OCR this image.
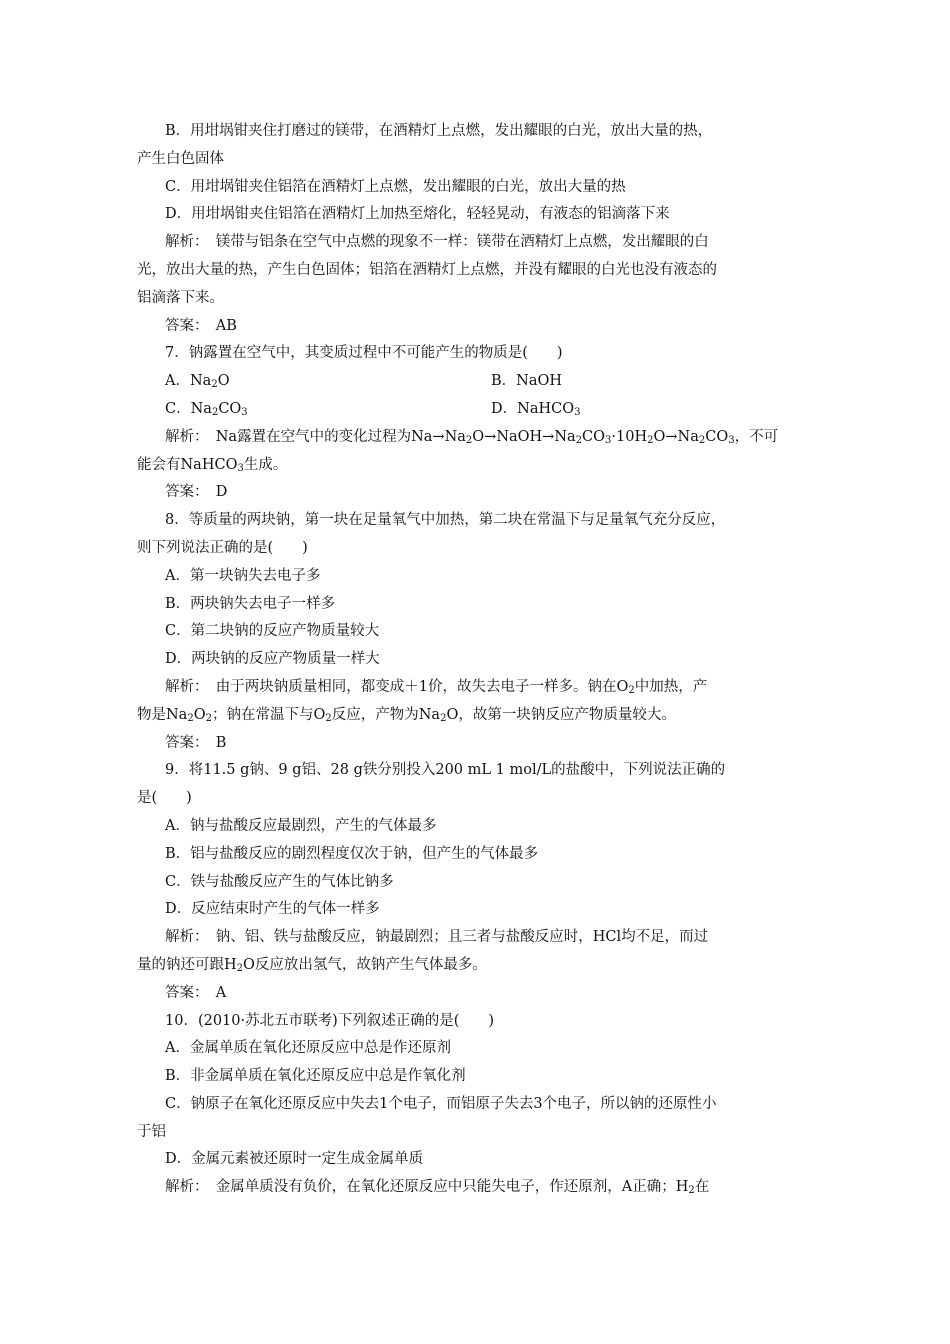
B．用坩埚钳夹住打磨过的镁带，在酒精灯上点燃，发出耀眼的白光，放出大量的热，
产生白色固体
C．用坩埚钳夹住铝箔在酒精灯上点燃，发出耀眼的白光，放出大量的热
D．用坩埚钳夹住铝箔在酒精灯上加热至熔化，轻轻晃动，有液态的铝滴落下来
解析：　镁带与铝条在空气中点燃的现象不一样：镁带在酒精灯上点燃，发出耀眼的白
光，放出大量的热，产生白色固体；铝箔在酒精灯上点燃，并没有耀眼的白光也没有液态的
铝滴落下来。
答案：　AB
7．钠露置在空气中，其变质过程中不可能产生的物质是(　　)
A．$Na_2O$	B．NaOH
C．$Na_2CO_3$	D．NaHCO$_3$
解析：　Na露置在空气中的变化过程为$Na\to Na_2O\to NaOH\to Na_2CO_3\cdot 10H_2O\to Na_2CO_3$，不可
能会有NaHCO$_3$生成。
答案：　D
8．等质量的两块钠，第一块在足量氧气中加热，第二块在常温下与足量氧气充分反应，
则下列说法正确的是(　　)
A．第一块钠失去电子多
B．两块钠失去电子一样多
C．第二块钠的反应产物质量较大
D．两块钠的反应产物质量一样大
解析：　由于两块钠质量相同，都变成＋1价，故失去电子一样多。钠在$O_2$中加热，产
物是$Na_2O_2$；钠在常温下与$O_2$反应，产物为$Na_2O$，故第一块钠反应产物质量较大。
答案：　B
9．将11.5 g钠、9 g铝、28 g铁分别投入200 mL 1 mol/L的盐酸中，下列说法正确的
是(　　)
A．钠与盐酸反应最剧烈，产生的气体最多
B．铝与盐酸反应的剧烈程度仅次于钠，但产生的气体最多
C．铁与盐酸反应产生的气体比钠多
D．反应结束时产生的气体一样多
解析：　钠、铝、铁与盐酸反应，钠最剧烈；且三者与盐酸反应时，HCl均不足，而过
量的钠还可跟$H_2O$反应放出氢气，故钠产生气体最多。
答案：　A
10．(2010·苏北五市联考)下列叙述正确的是(　　)
A．金属单质在氧化还原反应中总是作还原剂
B．非金属单质在氧化还原反应中总是作氧化剂
C．钠原子在氧化还原反应中失去1个电子，而铝原子失去3个电子，所以钠的还原性小
于铝
D．金属元素被还原时一定生成金属单质
解析：　金属单质没有负价，在氧化还原反应中只能失电子，作还原剂，A正确；$H_2$在
